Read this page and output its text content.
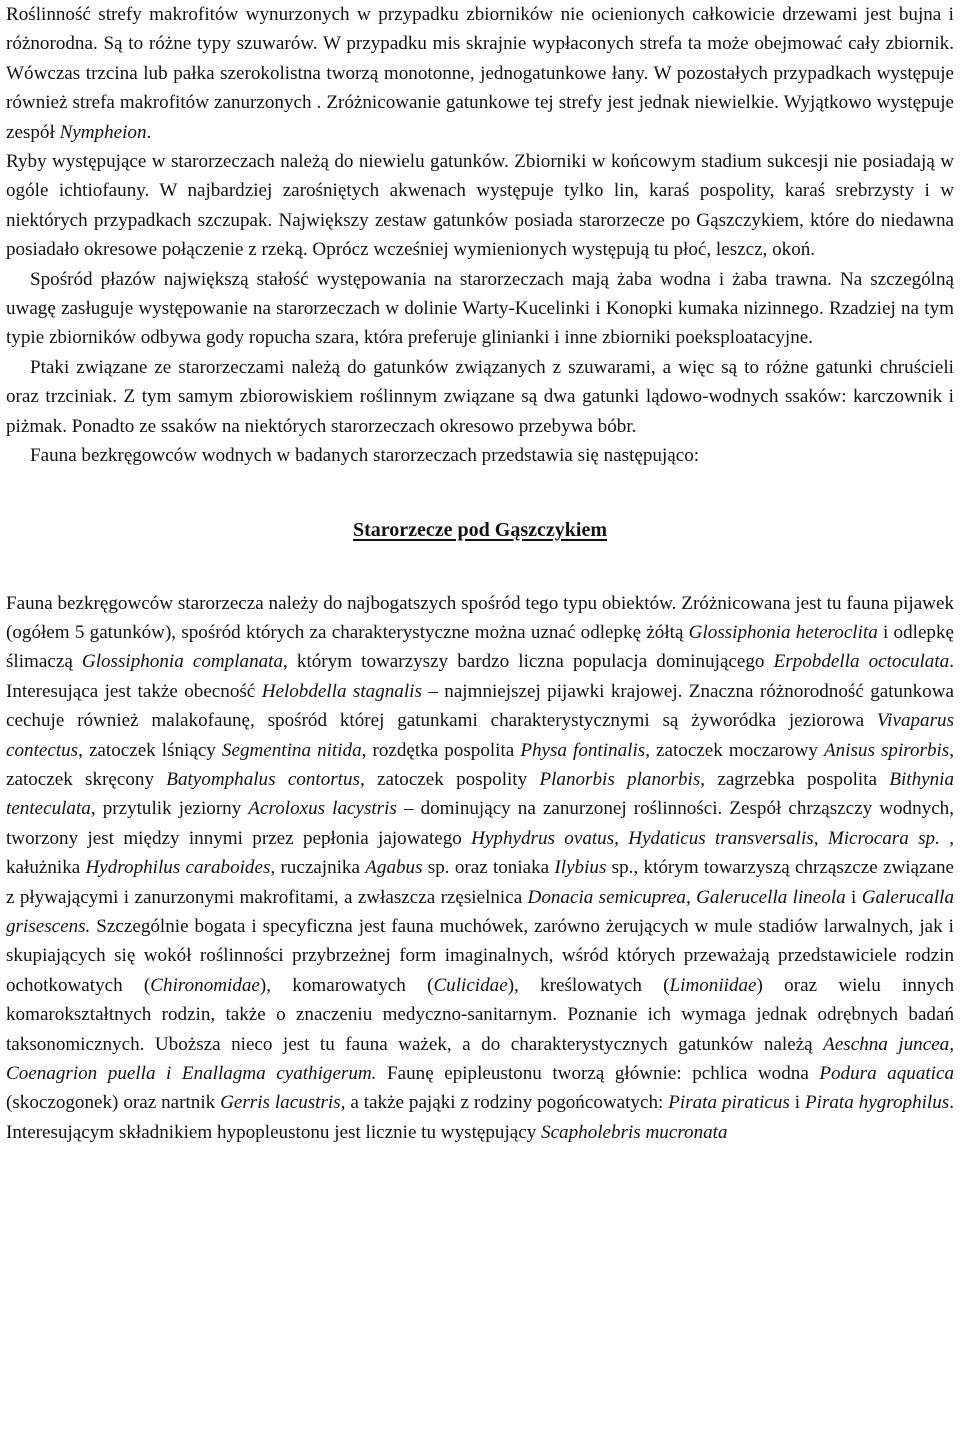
Roślinność strefy makrofitów wynurzonych w przypadku zbiorników nie ocienionych całkowicie drzewami jest bujna i różnorodna. Są to różne typy szuwarów. W przypadku mis skrajnie wypłaconych strefa ta może obejmować cały zbiornik. Wówczas trzcina lub pałka szerokolistna tworzą monotonne, jednogatunkowe łany. W pozostałych przypadkach występuje również strefa makrofitów zanurzonych . Zróżnicowanie gatunkowe tej strefy jest jednak niewielkie. Wyjątkowo występuje zespół Nympheion.

Ryby występujące w starorzeczach należą do niewielu gatunków. Zbiorniki w końcowym stadium sukcesji nie posiadają w ogóle ichtiofauny. W najbardziej zarośniętych akwenach występuje tylko lin, karaś pospolity, karaś srebrzysty i w niektórych przypadkach szczupak. Największy zestaw gatunków posiada starorzecze po Gąszczykiem, które do niedawna posiadało okresowe połączenie z rzeką. Oprócz wcześniej wymienionych występują tu płoć, leszcz, okoń.

Spośród płazów największą stałość występowania na starorzeczach mają żaba wodna i żaba trawna. Na szczególną uwagę zasługuje występowanie na starorzeczach w dolinie Warty-Kucelinki i Konopki kumaka nizinnego. Rzadziej na tym typie zbiorników odbywa gody ropucha szara, która preferuje glinianki i inne zbiorniki poeksploatacyjne.

Ptaki związane ze starorzeczami należą do gatunków związanych z szuwarami, a więc są to różne gatunki chruścieli oraz trzciniak. Z tym samym zbiorowiskiem roślinnym związane są dwa gatunki lądowo-wodnych ssaków: karczownik i piżmak. Ponadto ze ssaków na niektórych starorzeczach okresowo przebywa bóbr.

Fauna bezkręgowców wodnych w badanych starorzeczach przedstawia się następująco:

Starorzecze pod Gąszczykiem

Fauna bezkręgowców starorzecza należy do najbogatszych spośród tego typu obiektów. Zróżnicowana jest tu fauna pijawek (ogółem 5 gatunków), spośród których za charakterystyczne można uznać odlepkę żółtą Glossiphonia heteroclita i odlepkę ślimaczą Glossiphonia complanata, którym towarzyszy bardzo liczna populacja dominującego Erpobdella octoculata. Interesująca jest także obecność Helobdella stagnalis – najmniejszej pijawki krajowej. Znaczna różnorodność gatunkowa cechuje również malakofaunę, spośród której gatunkami charakterystycznymi są żyworódka jeziorowa Vivaparus contectus, zatoczek lśniący Segmentina nitida, rozdętka pospolita Physa fontinalis, zatoczek moczarowy Anisus spirorbis, zatoczek skręcony Batyomphalus contortus, zatoczek pospolity Planorbis planorbis, zagrzebka pospolita Bithynia tenteculata, przytulik jeziorny Acroloxus lacystris – dominujący na zanurzonej roślinności. Zespół chrząszczy wodnych, tworzony jest między innymi przez pepłonia jajowatego Hyphydrus ovatus, Hydaticus transversalis, Microcara sp. , kałużnika Hydrophilus caraboides, ruczajnika Agabus sp. oraz toniaka Ilybius sp., którym towarzyszą chrząszcze związane z pływającymi i zanurzonymi makrofitami, a zwłaszcza rzęsielnica Donacia semicuprea, Galerucella lineola i Galerucalla grisescens. Szczególnie bogata i specyficzna jest fauna muchówek, zarówno żerujących w mule stadiów larwalnych, jak i skupiających się wokół roślinności przybrzeżnej form imaginalnych, wśród których przeważają przedstawiciele rodzin ochotkowatych (Chironomidae), komarowatych (Culicidae), kreślowatych (Limoniidae) oraz wielu innych komarokształtnych rodzin, także o znaczeniu medyczno-sanitarnym. Poznanie ich wymaga jednak odrębnych badań taksonomicznych. Uboższa nieco jest tu fauna ważek, a do charakterystycznych gatunków należą Aeschna juncea, Coenagrion puella i Enallagma cyathigerum. Faunę epipleustonu tworzą głównie: pchlica wodna Podura aquatica (skoczogonek) oraz nartnik Gerris lacustris, a także pająki z rodziny pogońcowatych: Pirata piraticus i Pirata hygrophilus. Interesującym składnikiem hypopleustonu jest licznie tu występujący Scapholebris mucronata
